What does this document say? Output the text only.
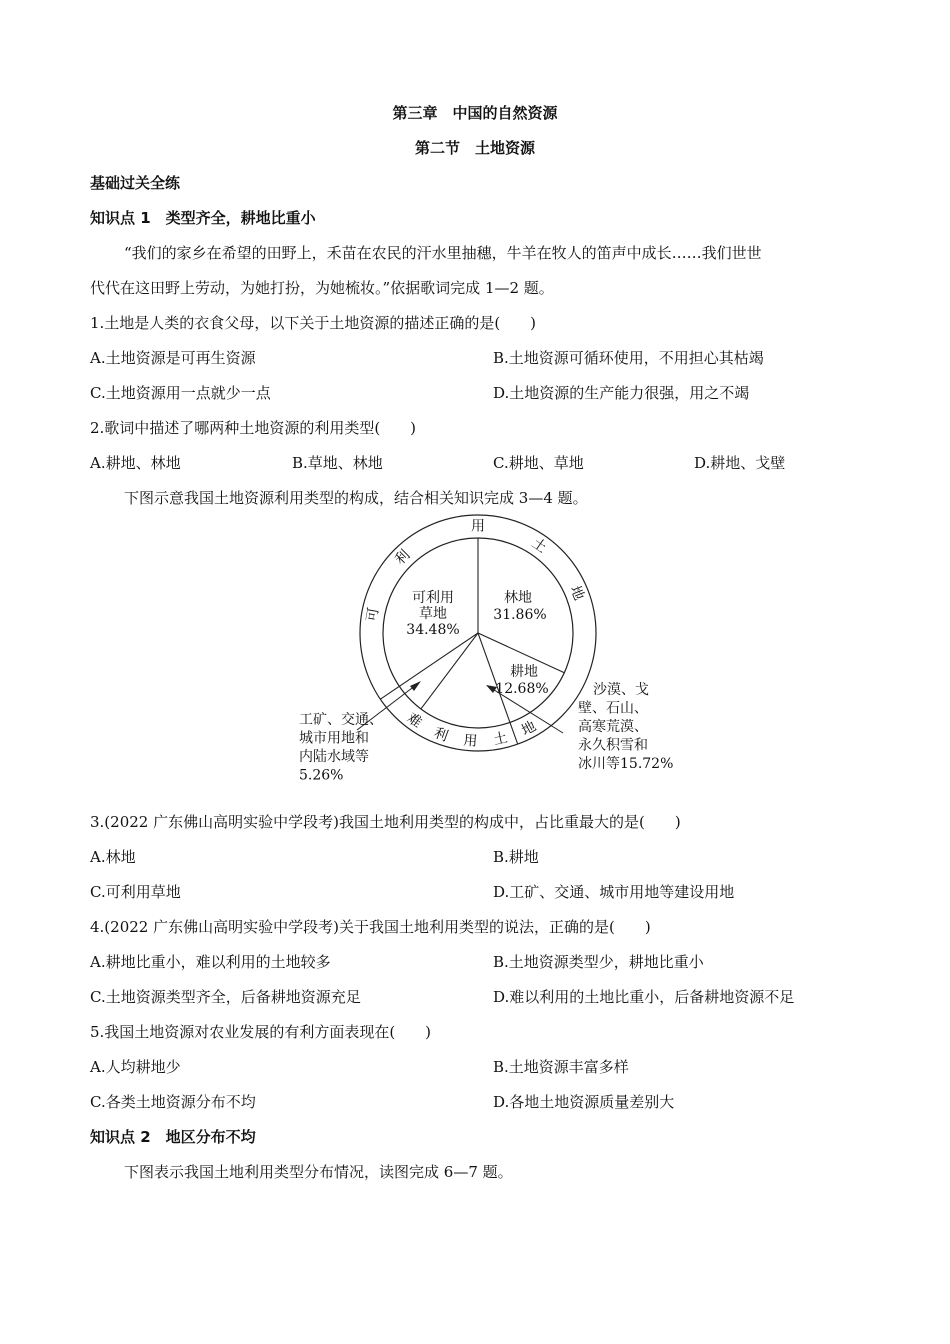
第三章　中国的自然资源
第二节　土地资源
基础过关全练
知识点 1　类型齐全，耕地比重小
“我们的家乡在希望的田野上，禾苗在农民的汗水里抽穗，牛羊在牧人的笛声中成长……我们世世
代代在这田野上劳动，为她打扮，为她梳妆。”依据歌词完成 1—2 题。
1.土地是人类的衣食父母，以下关于土地资源的描述正确的是(　　)
A.土地资源是可再生资源	B.土地资源可循环使用，不用担心其枯竭
C.土地资源用一点就少一点	D.土地资源的生产能力很强，用之不竭
2.歌词中描述了哪两种土地资源的利用类型(　　)
A.耕地、林地	B.草地、林地	C.耕地、草地	D.耕地、戈壁
下图示意我国土地资源利用类型的构成，结合相关知识完成 3—4 题。
可
利
用
土
地
难
利 用 土 地
林地
31.86%
耕地
12.68%
可利用
草地
34.48%
沙漠、戈
壁、石山、
高寒荒漠、
永久积雪和
冰川等15.72%
工矿、交通、
城市用地和
内陆水域等
5.26%
3.(2022 广东佛山高明实验中学段考)我国土地利用类型的构成中，占比重最大的是(　　)
A.林地	B.耕地
C.可利用草地	D.工矿、交通、城市用地等建设用地
4.(2022 广东佛山高明实验中学段考)关于我国土地利用类型的说法，正确的是(　　)
A.耕地比重小，难以利用的土地较多	B.土地资源类型少，耕地比重小
C.土地资源类型齐全，后备耕地资源充足	D.难以利用的土地比重小，后备耕地资源不足
5.我国土地资源对农业发展的有利方面表现在(　　)
A.人均耕地少	B.土地资源丰富多样
C.各类土地资源分布不均	D.各地土地资源质量差别大
知识点 2　地区分布不均
下图表示我国土地利用类型分布情况，读图完成 6—7 题。
